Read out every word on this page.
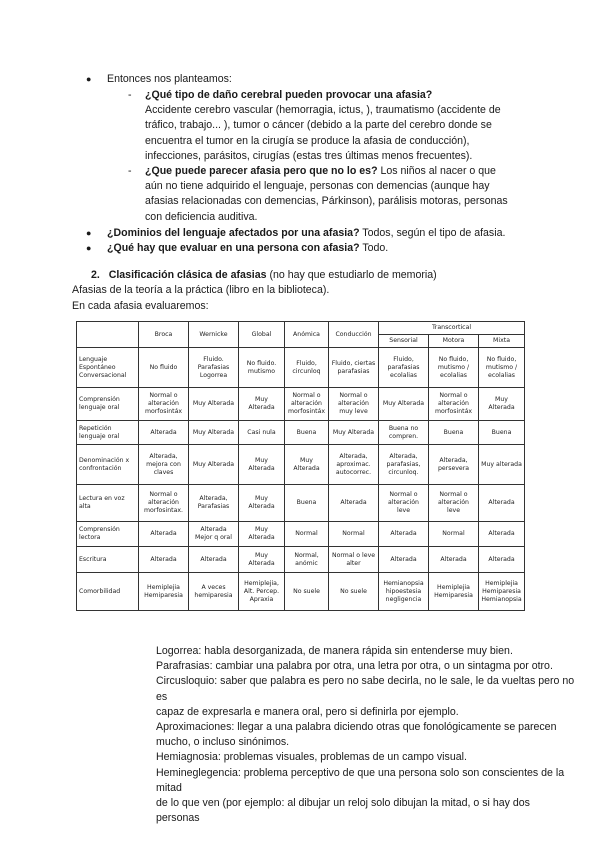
● Entonces nos planteamos:
- ¿Qué tipo de daño cerebral pueden provocar una afasia?
Accidente cerebro vascular (hemorragia, ictus, ), traumatismo (accidente de
tráfico, trabajo... ), tumor o cáncer (debido a la parte del cerebro donde se
encuentra el tumor en la cirugía se produce la afasia de conducción),
infecciones, parásitos, cirugías (estas tres últimas menos frecuentes).
- ¿Que puede parecer afasia pero que no lo es? Los niños al nacer o que
aún no tiene adquirido el lenguaje, personas con demencias (aunque hay
afasias relacionadas con demencias, Párkinson), parálisis motoras, personas
con deficiencia auditiva.
● ¿Dominios del lenguaje afectados por una afasia? Todos, según el tipo de afasia.
● ¿Qué hay que evaluar en una persona con afasia? Todo.
2. Clasificación clásica de afasias (no hay que estudiarlo de memoria)
Afasias de la teoría a la práctica (libro en la biblioteca).
En cada afasia evaluaremos:
	Broca	Wernicke	Global	Anómica	Conducción	Transcortical		
						Sensorial	Motora	Mixta
Lenguaje Espontáneo Conversacional	No fluido	Fluido. Parafasias Logorrea	No fluido. mutismo	Fluido, circunloq	Fluido, ciertas parafasias	Fluido, parafasias ecolalias	No fluido, mutismo / ecolalias	No fluido, mutismo / ecolalias
Comprensión lenguaje oral	Normal o alteración morfosintáx	Muy Alterada	Muy Alterada	Normal o alteración morfosintáx	Normal o alteración muy leve	Muy Alterada	Normal o alteración morfosintáx	Muy Alterada
Repetición lenguaje oral	Alterada	Muy Alterada	Casi nula	Buena	Muy Alterada	Buena no compren.	Buena	Buena
Denominación x confrontación	Alterada, mejora con claves	Muy Alterada	Muy Alterada	Muy Alterada	Alterada, aproximac. autocorrec.	Alterada, parafasias, circunloq.	Alterada, persevera	Muy alterada
Lectura en voz alta	Normal o alteración morfosintax.	Alterada, Parafasias	Muy Alterada	Buena	Alterada	Normal o alteración leve	Normal o alteración leve	Alterada
Comprensión lectora	Alterada	Alterada Mejor q oral	Muy Alterada	Normal	Normal	Alterada	Normal	Alterada
Escritura	Alterada	Alterada	Muy Alterada	Normal, anómic	Normal o leve alter	Alterada	Alterada	Alterada
Comorbilidad	Hemiplejia Hemiparesia	A veces hemiparesia	Hemiplejia, Alt. Percep. Apraxia	No suele	No suele	Hemianopsia hipoestesia negligencia	Hemiplejia Hemiparesia	Hemiplejia Hemiparesia Hemianopsia
Logorrea: habla desorganizada, de manera rápida sin entenderse muy bien.
Parafrasias: cambiar una palabra por otra, una letra por otra, o un sintagma por otro.
Circusloquio: saber que palabra es pero no sabe decirla, no le sale, le da vueltas pero no es
capaz de expresarla e manera oral, pero si definirla por ejemplo.
Aproximaciones: llegar a una palabra diciendo otras que fonológicamente se parecen
mucho, o incluso sinónimos.
Hemiagnosia: problemas visuales, problemas de un campo visual.
Hemineglegencia: problema perceptivo de que una persona solo son conscientes de la mitad
de lo que ven (por ejemplo: al dibujar un reloj solo dibujan la mitad, o si hay dos personas
